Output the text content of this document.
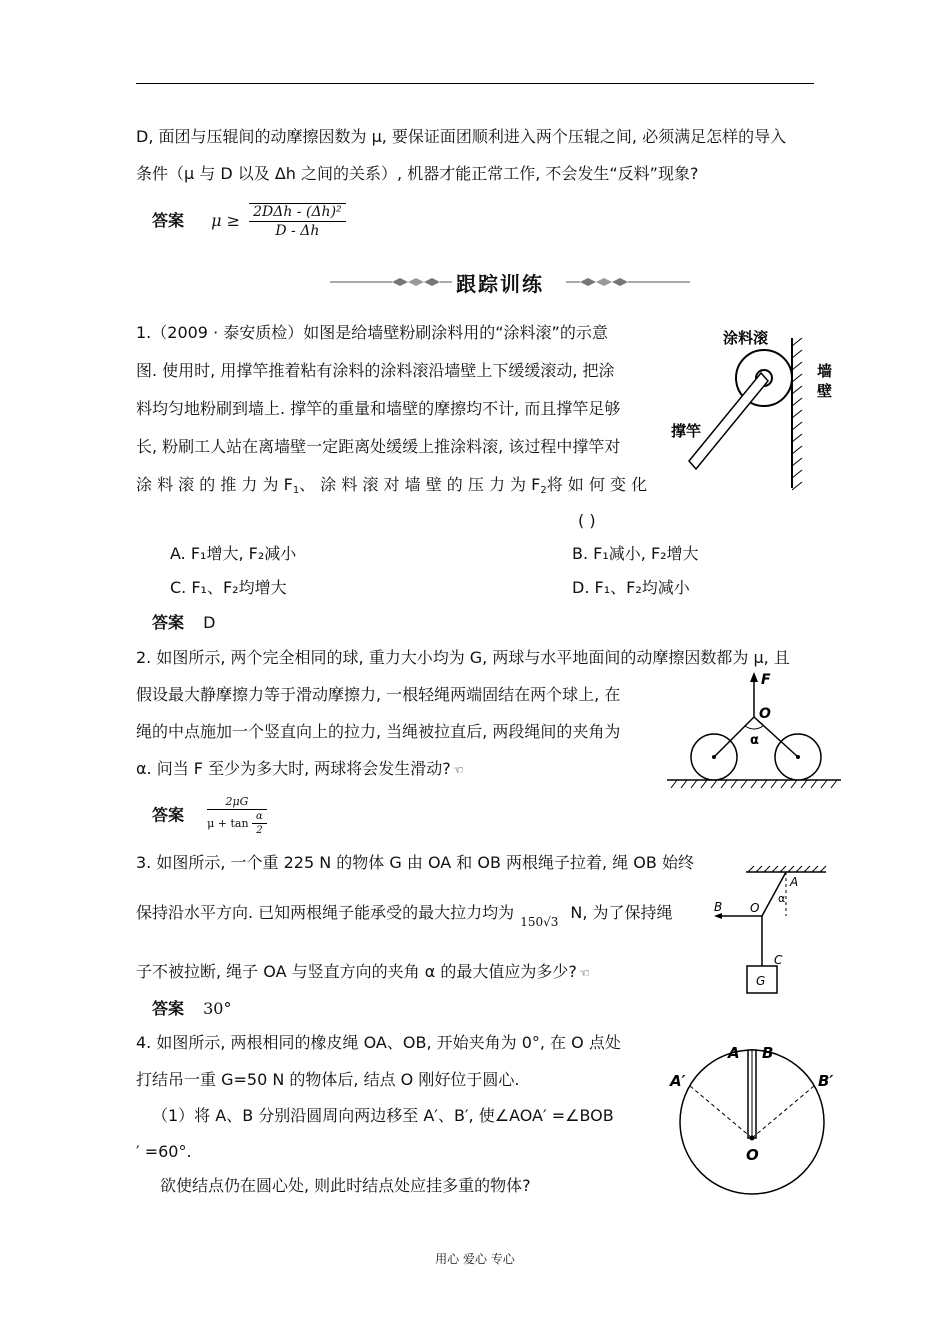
D, 面团与压辊间的动摩擦因数为 μ, 要保证面团顺利进入两个压辊之间, 必须满足怎样的导入
条件（μ 与 D 以及 Δh 之间的关系）, 机器才能正常工作, 不会发生“反料”现象?
答案 $\mu \ge \frac{\text{2DΔh - (Δh)²}}{D - \Delta h}$
跟踪训练
1.（2009 · 泰安质检）如图是给墙壁粉刷涂料用的“涂料滚”的示意
图. 使用时, 用撑竿推着粘有涂料的涂料滚沿墙壁上下缓缓滚动, 把涂
料均匀地粉刷到墙上. 撑竿的重量和墙壁的摩擦均不计, 而且撑竿足够
长, 粉刷工人站在离墙壁一定距离处缓缓上推涂料滚, 该过程中撑竿对
涂 料 滚 的 推 力 为 $F_1$、 涂 料 滚 对 墙 壁 的 压 力 为 $F_2$将 如 何 变 化
( )
涂料滚
墙
壁
撑竿
A. F₁增大, F₂减小	B. F₁减小, F₂增大
C. F₁、F₂均增大	D. F₁、F₂均减小
答案 D
2. 如图所示, 两个完全相同的球, 重力大小均为 G, 两球与水平地面间的动摩擦因数都为 μ, 且
假设最大静摩擦力等于滑动摩擦力, 一根轻绳两端固结在两个球上, 在
绳的中点施加一个竖直向上的拉力, 当绳被拉直后, 两段绳间的夹角为
α. 问当 F 至少为多大时, 两球将会发生滑动? ☜
F
O
α
答案 $\frac{2\mu G}{\mu + \tan \frac{\alpha}{2}}$
3. 如图所示, 一个重 225 N 的物体 G 由 OA 和 OB 两根绳子拉着, 绳 OB 始终
保持沿水平方向. 已知两根绳子能承受的最大拉力均为 $_{150√3}$ N, 为了保持绳
子不被拉断, 绳子 OA 与竖直方向的夹角 α 的最大值应为多少? ☜
A
B O
α
C
G
答案 30°
4. 如图所示, 两根相同的橡皮绳 OA、OB, 开始夹角为 0°, 在 O 点处
打结吊一重 G=50 N 的物体后, 结点 O 刚好位于圆心.
（1）将 A、B 分别沿圆周向两边移至 A′、B′, 使∠AOA′ =∠BOB
′ =60°.
欲使结点仍在圆心处, 则此时结点处应挂多重的物体?
A B
A′	B′
O
用心 爱心 专心
